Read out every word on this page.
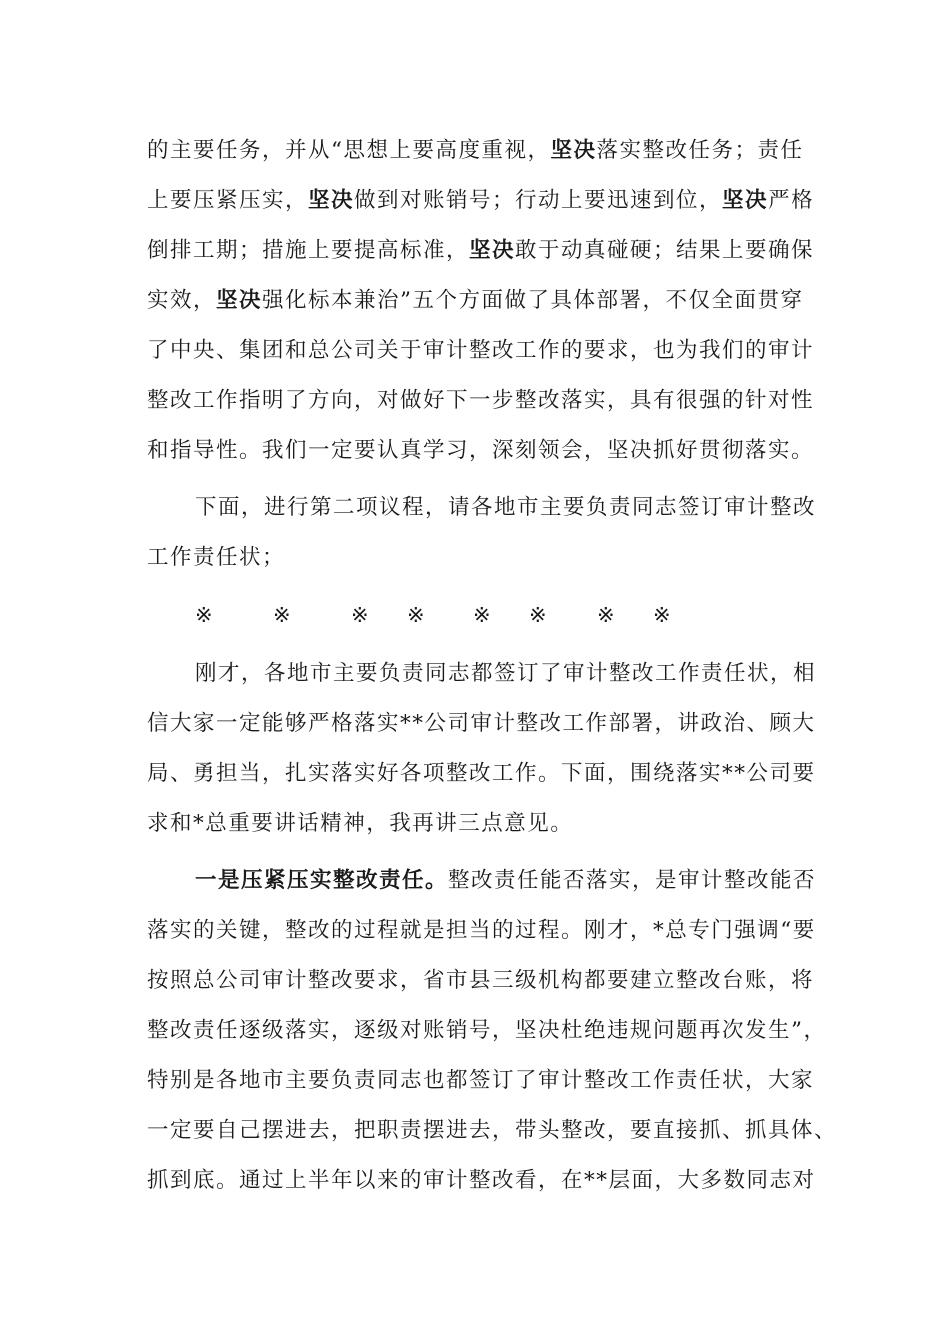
的主要任务，并从“思想上要高度重视，坚决落实整改任务；责任
上要压紧压实，坚决做到对账销号；行动上要迅速到位，坚决严格
倒排工期；措施上要提高标准，坚决敢于动真碰硬；结果上要确保
实效，坚决强化标本兼治”五个方面做了具体部署，不仅全面贯穿
了中央、集团和总公司关于审计整改工作的要求，也为我们的审计
整改工作指明了方向，对做好下一步整改落实，具有很强的针对性
和指导性。我们一定要认真学习，深刻领会，坚决抓好贯彻落实。
下面，进行第二项议程，请各地市主要负责同志签订审计整改
工作责任状；
※	※	※ ※ ※ ※ ※ ※
刚才，各地市主要负责同志都签订了审计整改工作责任状，相
信大家一定能够严格落实**公司审计整改工作部署，讲政治、顾大
局、勇担当，扎实落实好各项整改工作。下面，围绕落实**公司要
求和*总重要讲话精神，我再讲三点意见。
一是压紧压实整改责任。整改责任能否落实，是审计整改能否
落实的关键，整改的过程就是担当的过程。刚才，*总专门强调“要
按照总公司审计整改要求，省市县三级机构都要建立整改台账，将
整改责任逐级落实，逐级对账销号，坚决杜绝违规问题再次发生”，
特别是各地市主要负责同志也都签订了审计整改工作责任状，大家
一定要自己摆进去，把职责摆进去，带头整改，要直接抓、抓具体、
抓到底。通过上半年以来的审计整改看，在**层面，大多数同志对
